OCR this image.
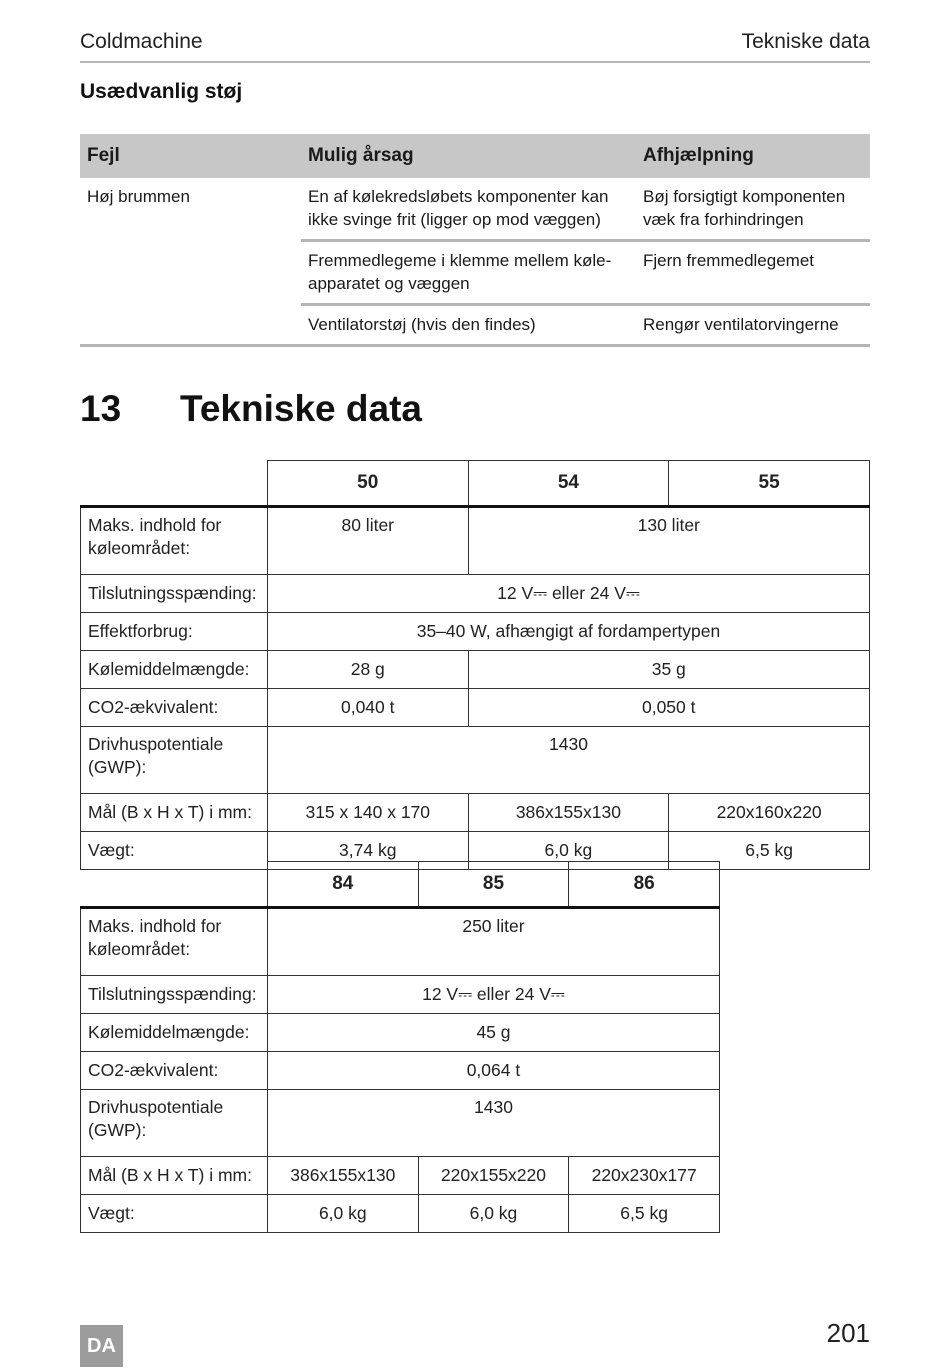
Coldmachine	Tekniske data
Usædvanlig støj
Fejl	Mulig årsag	Afhjælpning
Høj brummen	En af kølekredsløbets komponenter kan ikke svinge frit (ligger op mod væggen)	Bøj forsigtigt komponenten væk fra forhindringen
	Fremmedlegeme i klemme mellem køle-apparatet og væggen	Fjern fremmedlegemet
	Ventilatorstøj (hvis den findes)	Rengør ventilatorvingerne
13 Tekniske data
	50	54	55
Maks. indhold for køleområdet:	80 liter	130 liter	
Tilslutningsspænding:	12 V⎓ eller 24 V⎓		
Effektforbrug:	35–40 W, afhængigt af fordampertypen		
Kølemiddelmængde:	28 g	35 g	
CO2-ækvivalent:	0,040 t	0,050 t	
Drivhuspotentiale (GWP):	1430		
Mål (B x H x T) i mm:	315 x 140 x 170	386x155x130	220x160x220
Vægt:	3,74 kg	6,0 kg	6,5 kg
	84	85	86
Maks. indhold for køleområdet:	250 liter		
Tilslutningsspænding:	12 V⎓ eller 24 V⎓		
Kølemiddelmængde:	45 g		
CO2-ækvivalent:	0,064 t		
Drivhuspotentiale (GWP):	1430		
Mål (B x H x T) i mm:	386x155x130	220x155x220	220x230x177
Vægt:	6,0 kg	6,0 kg	6,5 kg
DA	201
